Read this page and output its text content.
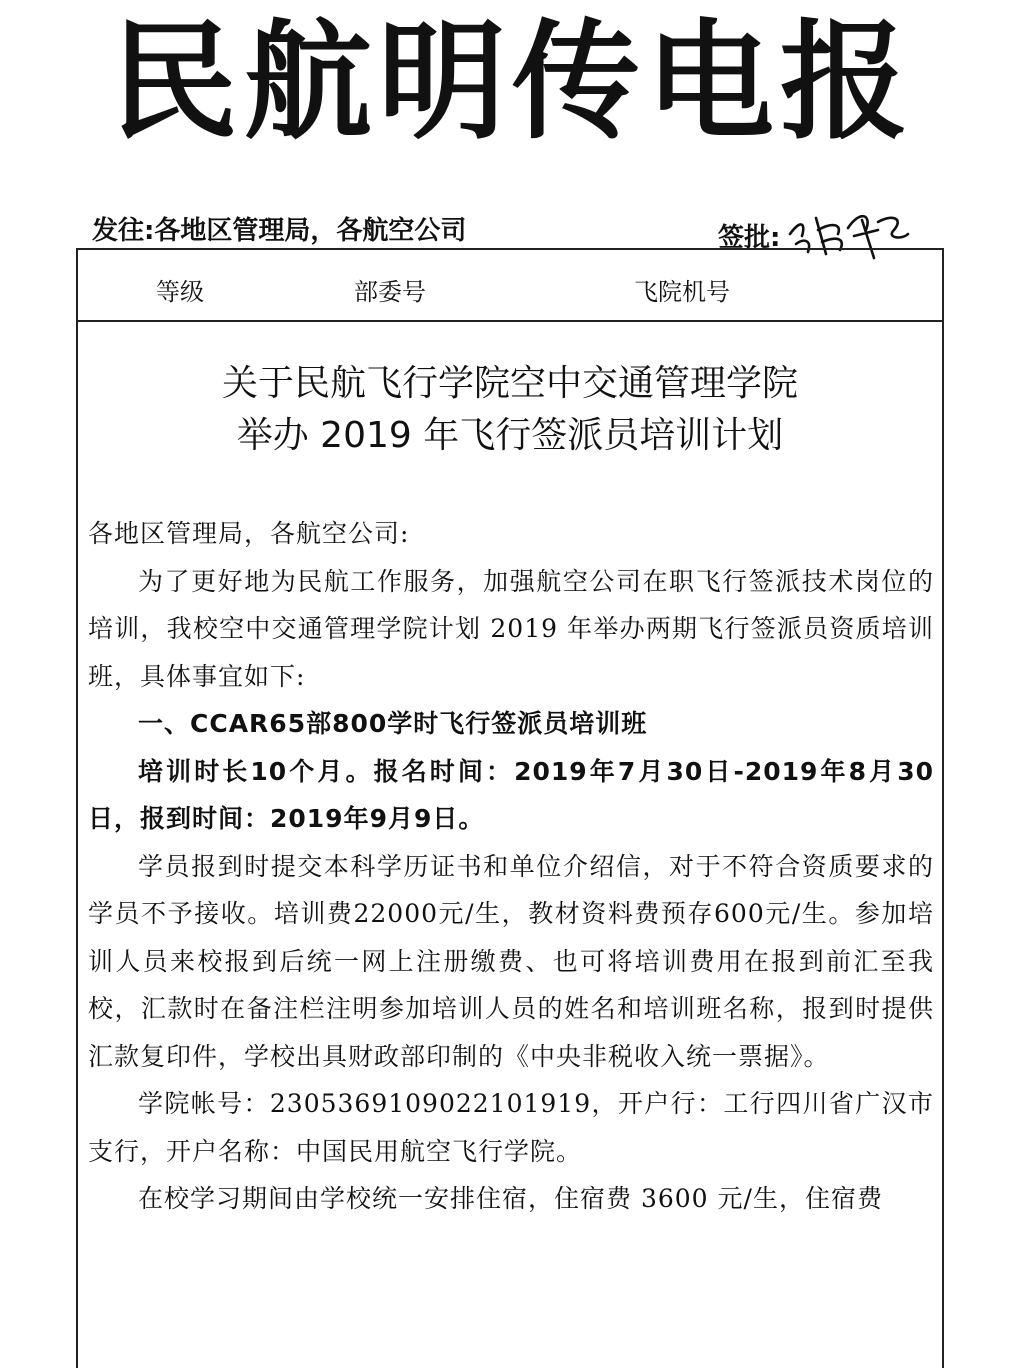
民航明传电报
发往:各地区管理局，各航空公司	签批:
等级	部委号	飞院机号
关于民航飞行学院空中交通管理学院
举办 2019 年飞行签派员培训计划

各地区管理局，各航空公司:

为了更好地为民航工作服务，加强航空公司在职飞行签派技术岗位的培训，我校空中交通管理学院计划 2019 年举办两期飞行签派员资质培训班，具体事宜如下:

一、CCAR65部800学时飞行签派员培训班

培训时长10个月。报名时间：2019年7月30日-2019年8月30日，报到时间：2019年9月9日。

学员报到时提交本科学历证书和单位介绍信，对于不符合资质要求的学员不予接收。培训费22000元/生，教材资料费预存600元/生。参加培训人员来校报到后统一网上注册缴费、也可将培训费用在报到前汇至我校，汇款时在备注栏注明参加培训人员的姓名和培训班名称，报到时提供汇款复印件，学校出具财政部印制的《中央非税收入统一票据》。

学院帐号：2305369109022101919，开户行：工行四川省广汉市支行，开户名称：中国民用航空飞行学院。

在校学习期间由学校统一安排住宿，住宿费 3600 元/生，住宿费
